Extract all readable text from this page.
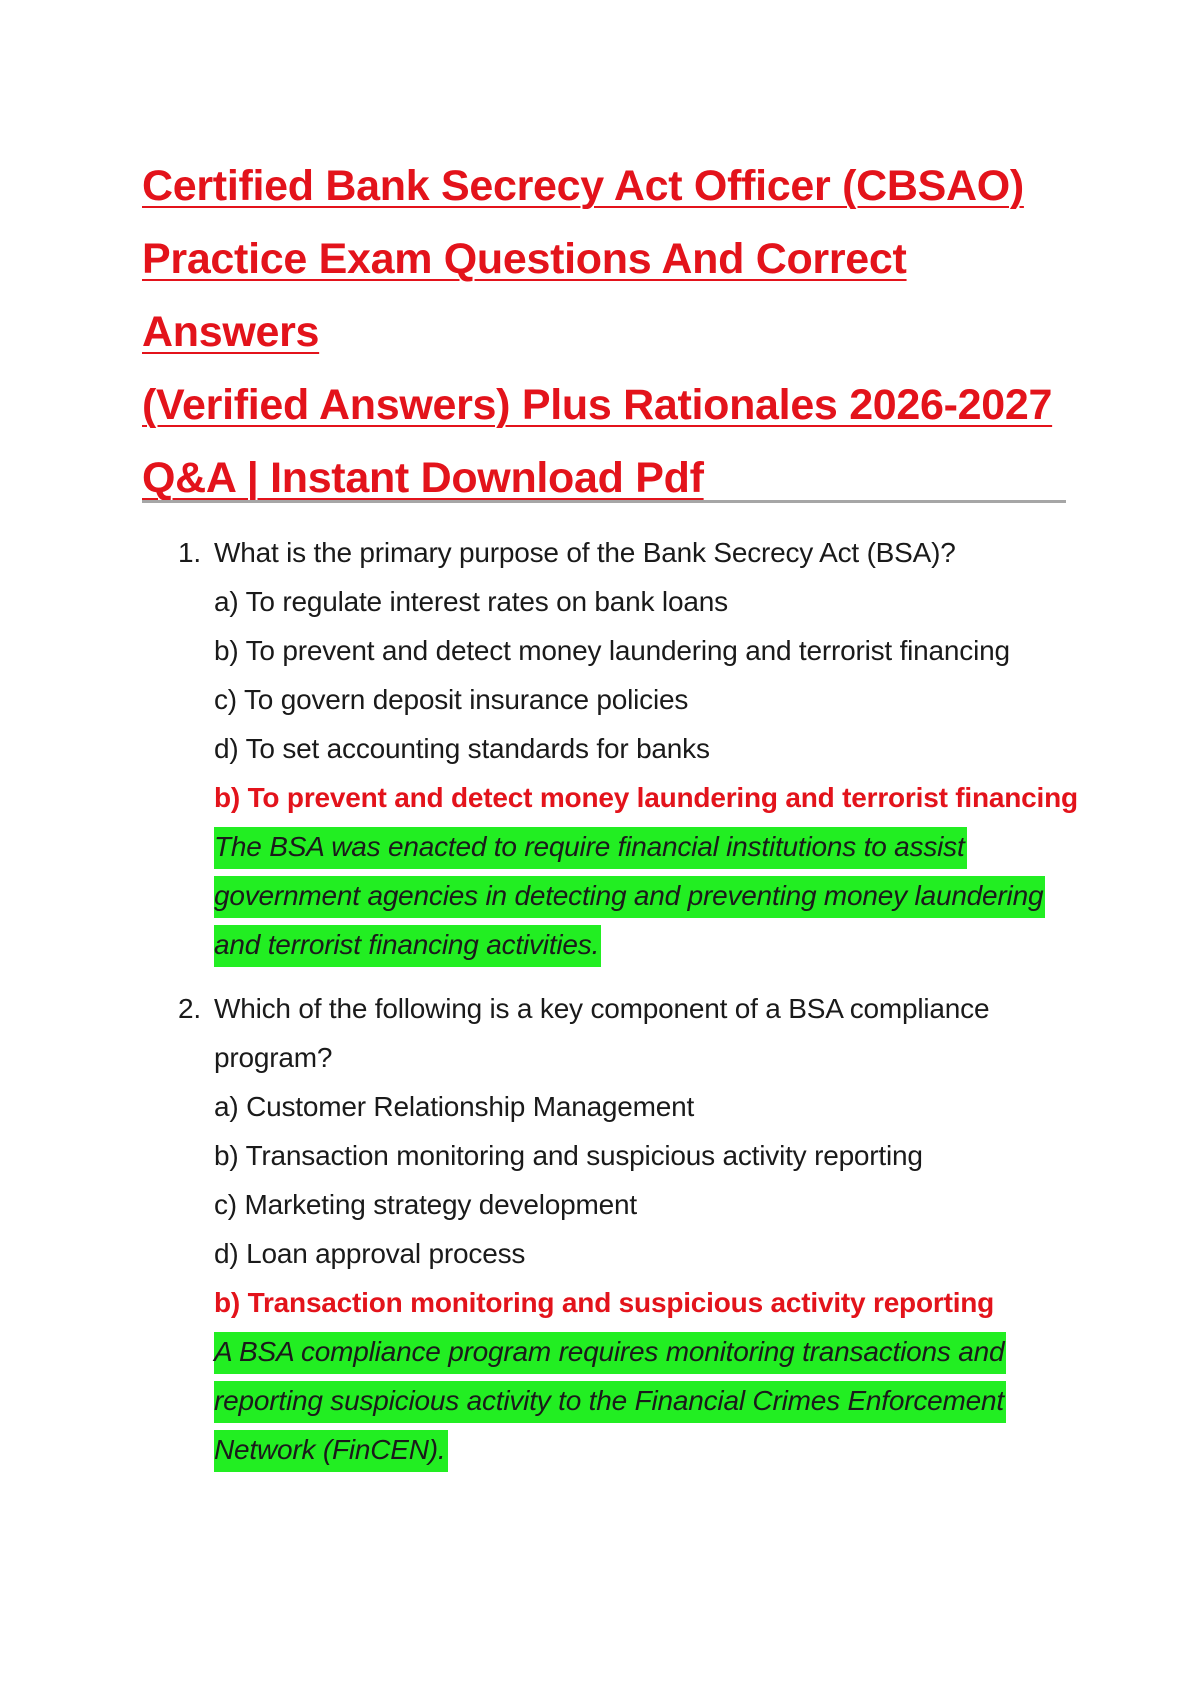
Certified Bank Secrecy Act Officer (CBSAO)
Practice Exam Questions And Correct Answers
(Verified Answers) Plus Rationales 2026-2027
Q&A | Instant Download Pdf
1. What is the primary purpose of the Bank Secrecy Act (BSA)?
a) To regulate interest rates on bank loans
b) To prevent and detect money laundering and terrorist financing
c) To govern deposit insurance policies
d) To set accounting standards for banks
b) To prevent and detect money laundering and terrorist financing
The BSA was enacted to require financial institutions to assist government agencies in detecting and preventing money laundering and terrorist financing activities.
2. Which of the following is a key component of a BSA compliance program?
a) Customer Relationship Management
b) Transaction monitoring and suspicious activity reporting
c) Marketing strategy development
d) Loan approval process
b) Transaction monitoring and suspicious activity reporting
A BSA compliance program requires monitoring transactions and reporting suspicious activity to the Financial Crimes Enforcement Network (FinCEN).
